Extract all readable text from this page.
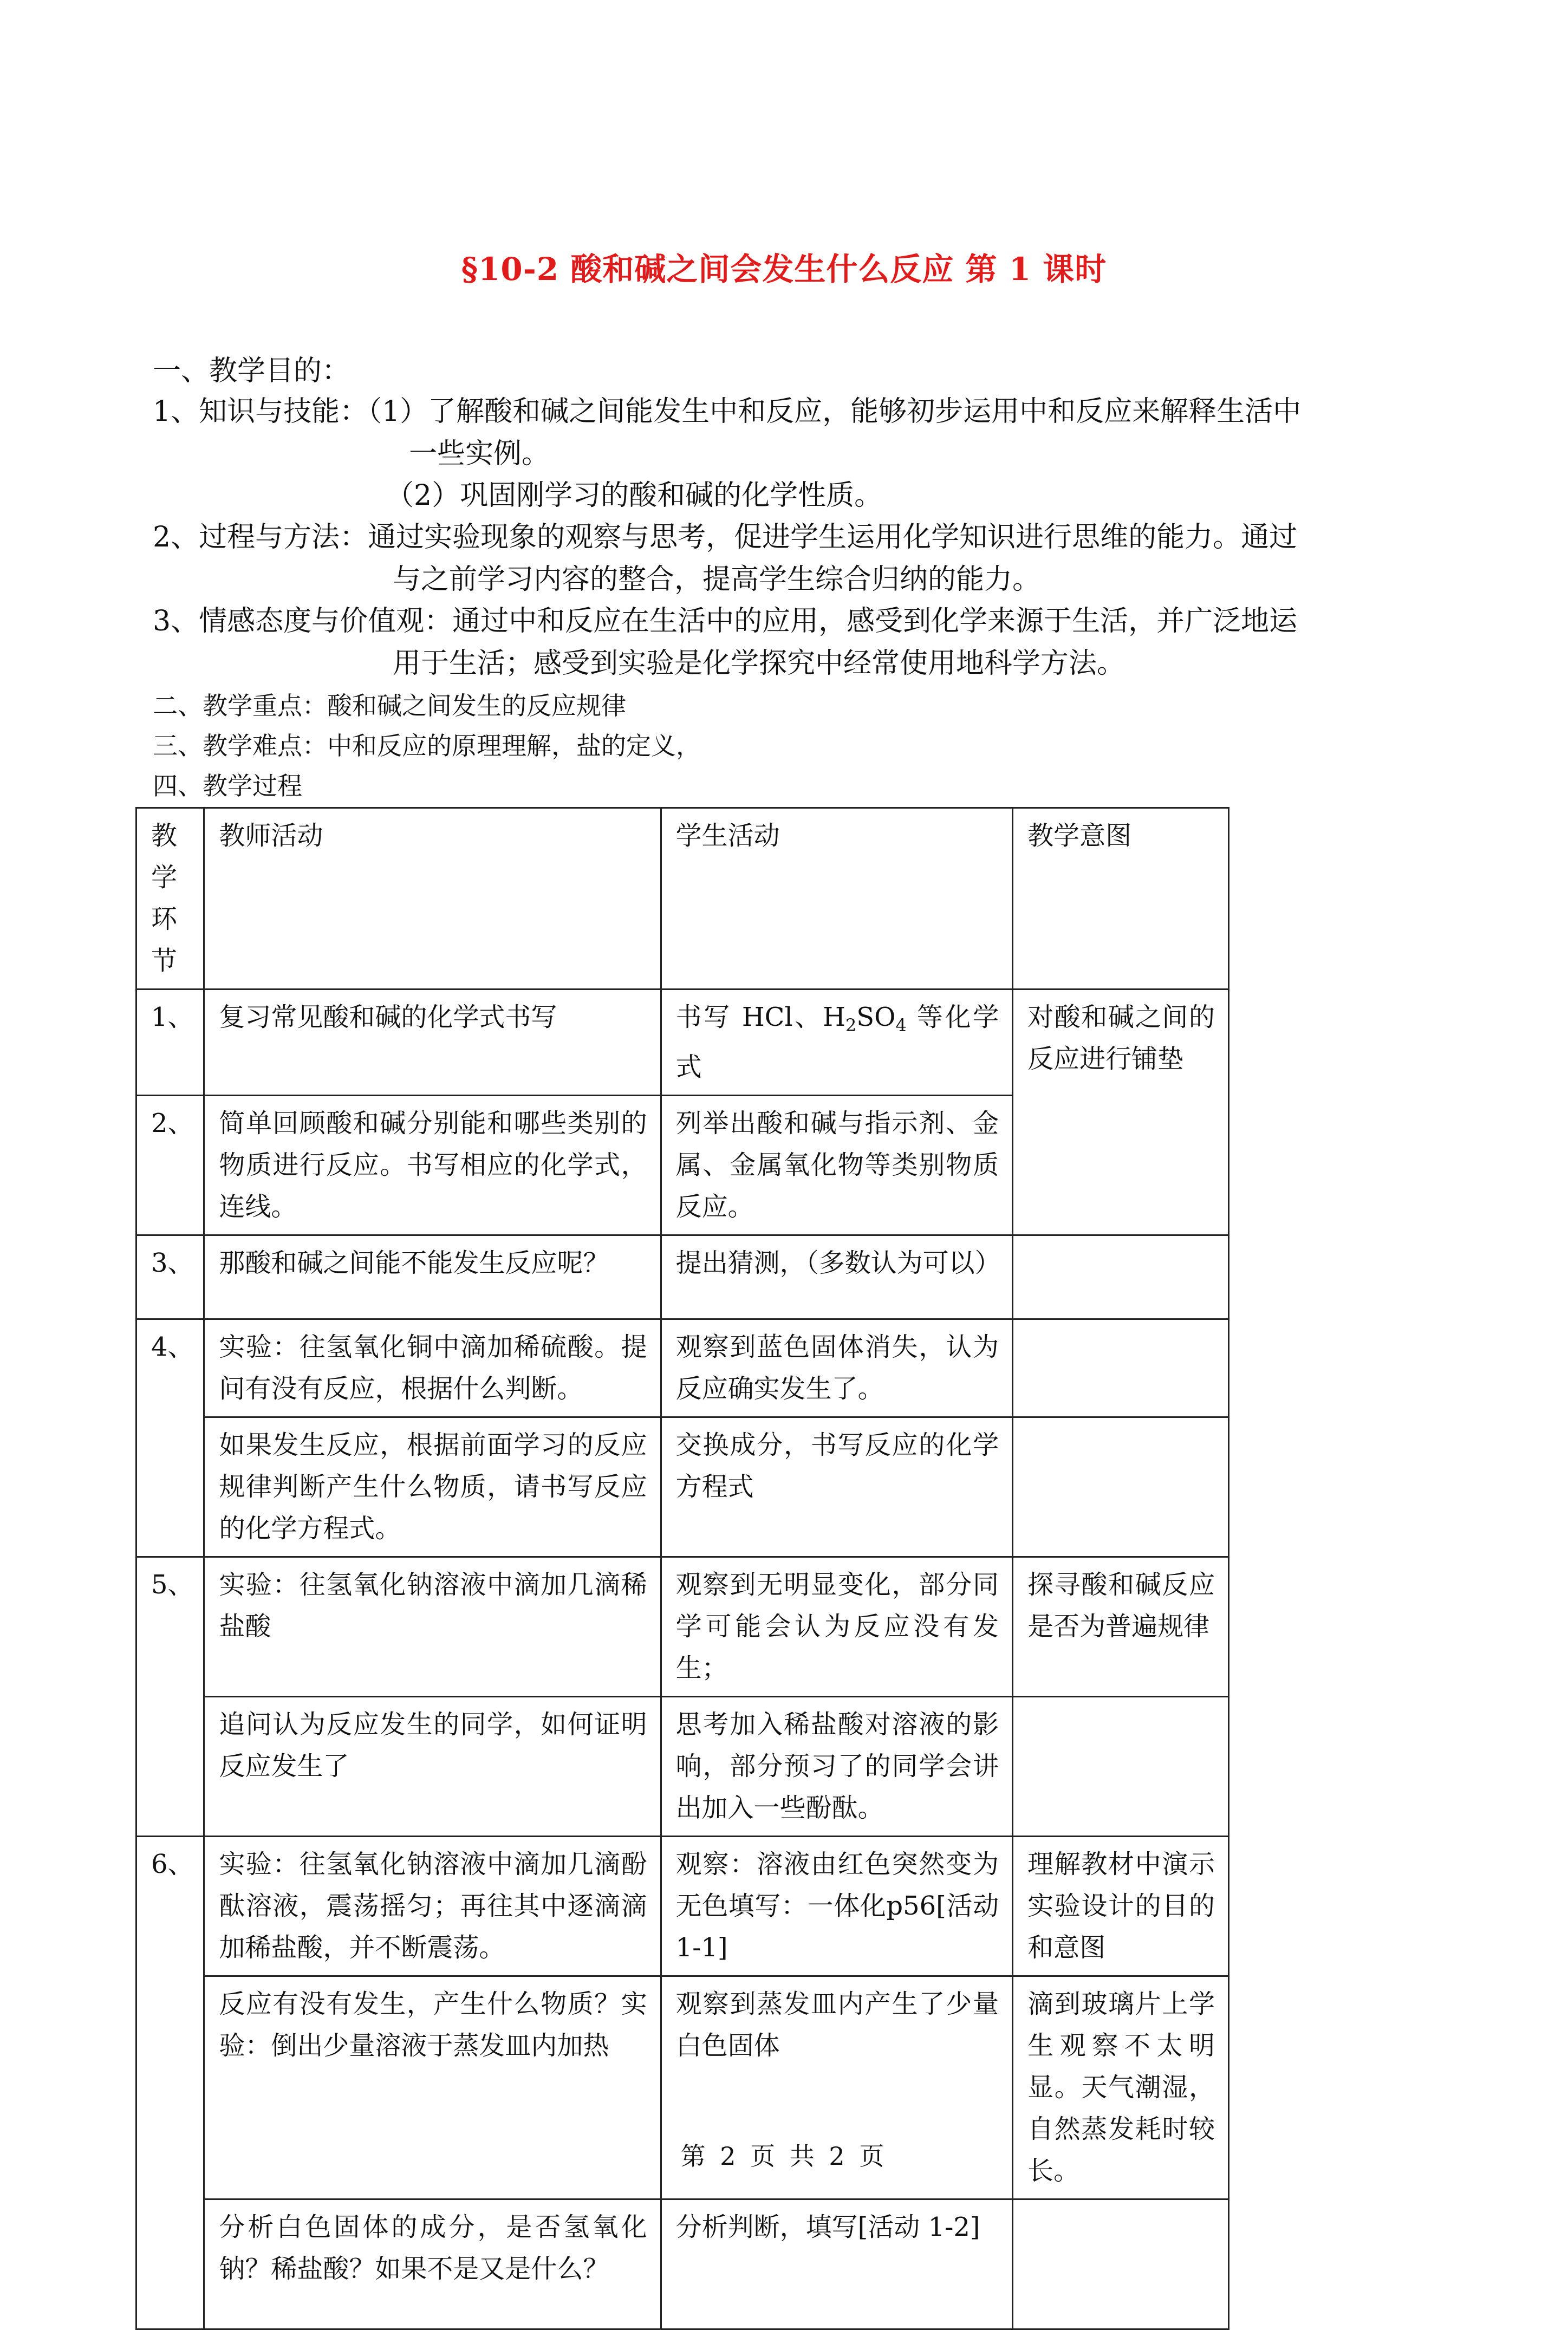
§10-2 酸和碱之间会发生什么反应 第 1 课时
一、教学目的：
1、知识与技能：（1）了解酸和碱之间能发生中和反应，能够初步运用中和反应来解释生活中
一些实例。
（2）巩固刚学习的酸和碱的化学性质。
2、过程与方法：通过实验现象的观察与思考，促进学生运用化学知识进行思维的能力。通过
与之前学习内容的整合，提高学生综合归纳的能力。
3、情感态度与价值观：通过中和反应在生活中的应用，感受到化学来源于生活，并广泛地运
用于生活；感受到实验是化学探究中经常使用地科学方法。
二、教学重点：酸和碱之间发生的反应规律
三、教学难点：中和反应的原理理解，盐的定义，
四、教学过程
教学环节	教师活动	学生活动	教学意图
1、	复习常见酸和碱的化学式书写	书写 HCl、$H_2SO_4$ 等化学式	对酸和碱之间的反应进行铺垫
2、	简单回顾酸和碱分别能和哪些类别的物质进行反应。书写相应的化学式，连线。	列举出酸和碱与指示剂、金属、金属氧化物等类别物质反应。	
3、	那酸和碱之间能不能发生反应呢？	提出猜测，（多数认为可以）	
4、	实验：往氢氧化铜中滴加稀硫酸。提问有没有反应，根据什么判断。	观察到蓝色固体消失，认为反应确实发生了。	
	如果发生反应，根据前面学习的反应规律判断产生什么物质，请书写反应的化学方程式。	交换成分，书写反应的化学方程式	
5、	实验：往氢氧化钠溶液中滴加几滴稀盐酸	观察到无明显变化，部分同学可能会认为反应没有发生；	探寻酸和碱反应是否为普遍规律
	追问认为反应发生的同学，如何证明反应发生了	思考加入稀盐酸对溶液的影响，部分预习了的同学会讲出加入一些酚酞。	
6、	实验：往氢氧化钠溶液中滴加几滴酚酞溶液，震荡摇匀；再往其中逐滴滴加稀盐酸，并不断震荡。	观察：溶液由红色突然变为无色填写：一体化p56[活动 1-1]	理解教材中演示实验设计的目的和意图
	反应有没有发生，产生什么物质？实验：倒出少量溶液于蒸发皿内加热	观察到蒸发皿内产生了少量白色固体	滴到玻璃片上学生观察不太明显。天气潮湿，自然蒸发耗时较长。
	分析白色固体的成分，是否氢氧化钠？稀盐酸？如果不是又是什么？	分析判断，填写[活动 1-2]	
第 2 页 共 2 页
